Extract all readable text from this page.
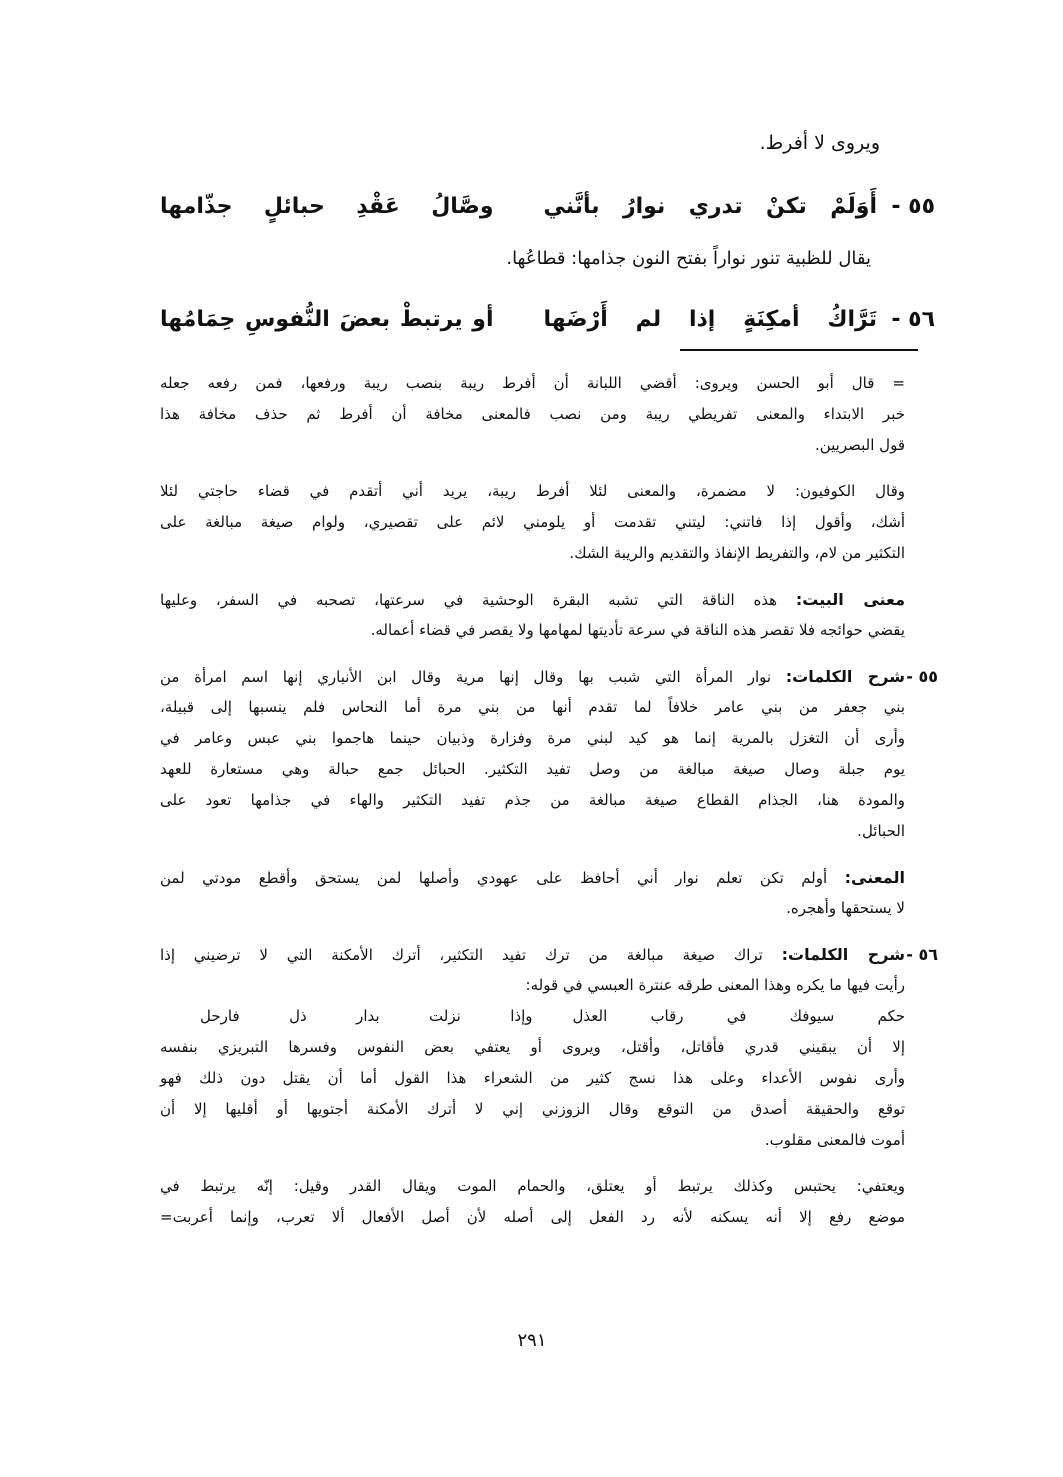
ويروى لا أفرط.
٥٥ -
أَوَلَمْ تكنْ تدري نوارُ بأنَّني
وصَّالُ عَقْدِ حبائلٍ جذّامها
يقال للظبية تنور نواراً بفتح النون جذامها: قطاعُها.
٥٦ -
تَرَّاكُ أمكِنَةٍ إذا لم أَرْضَها
أو يرتبطْ بعضَ النُّفوسِ حِمَامُها
= قال أبو الحسن ويروى: أقضي اللبانة أن أفرط ريبة بنصب ريبة ورفعها، فمن رفعه جعله
خبر الابتداء والمعنى تفريطي ريبة ومن نصب فالمعنى مخافة أن أفرط ثم حذف مخافة هذا
قول البصريين.
وقال الكوفيون: لا مضمرة، والمعنى لئلا أفرط ريبة، يريد أني أتقدم في قضاء حاجتي لئلا
أشك، وأقول إذا فاتني: ليتني تقدمت أو يلومني لائم على تقصيري، ولوام صيغة مبالغة على
التكثير من لام، والتفريط الإنفاذ والتقديم والريبة الشك.
معنى البيت: هذه الناقة التي تشبه البقرة الوحشية في سرعتها، تصحبه في السفر، وعليها
يقضي حوائجه فلا تقصر هذه الناقة في سرعة تأديتها لمهامها ولا يقصر في قضاء أعماله.
٥٥ -
شرح الكلمات: نوار المرأة التي شبب بها وقال إنها مرية وقال ابن الأنباري إنها اسم امرأة من
بني جعفر من بني عامر خلافاً لما تقدم أنها من بني مرة أما النحاس فلم ينسبها إلى قبيلة،
وأرى أن التغزل بالمرية إنما هو كيد لبني مرة وفزارة وذبيان حينما هاجموا بني عبس وعامر في
يوم جبلة وصال صيغة مبالغة من وصل تفيد التكثير. الحبائل جمع حبالة وهي مستعارة للعهد
والمودة هنا، الجذام القطاع صيغة مبالغة من جذم تفيد التكثير والهاء في جذامها تعود على
الحبائل.
المعنى: أولم تكن تعلم نوار أني أحافظ على عهودي وأصلها لمن يستحق وأقطع مودتي لمن
لا يستحقها وأهجره.
٥٦ -
شرح الكلمات: تراك صيغة مبالغة من ترك تفيد التكثير، أترك الأمكنة التي لا ترضيني إذا
رأيت فيها ما يكره وهذا المعنى طرقه عنترة العبسي في قوله:
حكم سيوفك في رقاب العذل
وإذا نزلت بدار ذل فارحل
إلا أن يبقيني قدري فأقاتل، وأقتل، ويروى أو يعتفي بعض النفوس وفسرها التبريزي بنفسه
وأرى نفوس الأعداء وعلى هذا نسج كثير من الشعراء هذا القول أما أن يقتل دون ذلك فهو
توقع والحقيقة أصدق من التوقع وقال الزوزني إني لا أترك الأمكنة أجتويها أو أقليها إلا أن
أموت فالمعنى مقلوب.
ويعتفي: يحتبس وكذلك يرتبط أو يعتلق، والحمام الموت ويقال القدر وقيل: إنّه يرتبط في
موضع رفع إلا أنه يسكنه لأنه رد الفعل إلى أصله لأن أصل الأفعال ألا تعرب، وإنما أعربت=
٢٩١
